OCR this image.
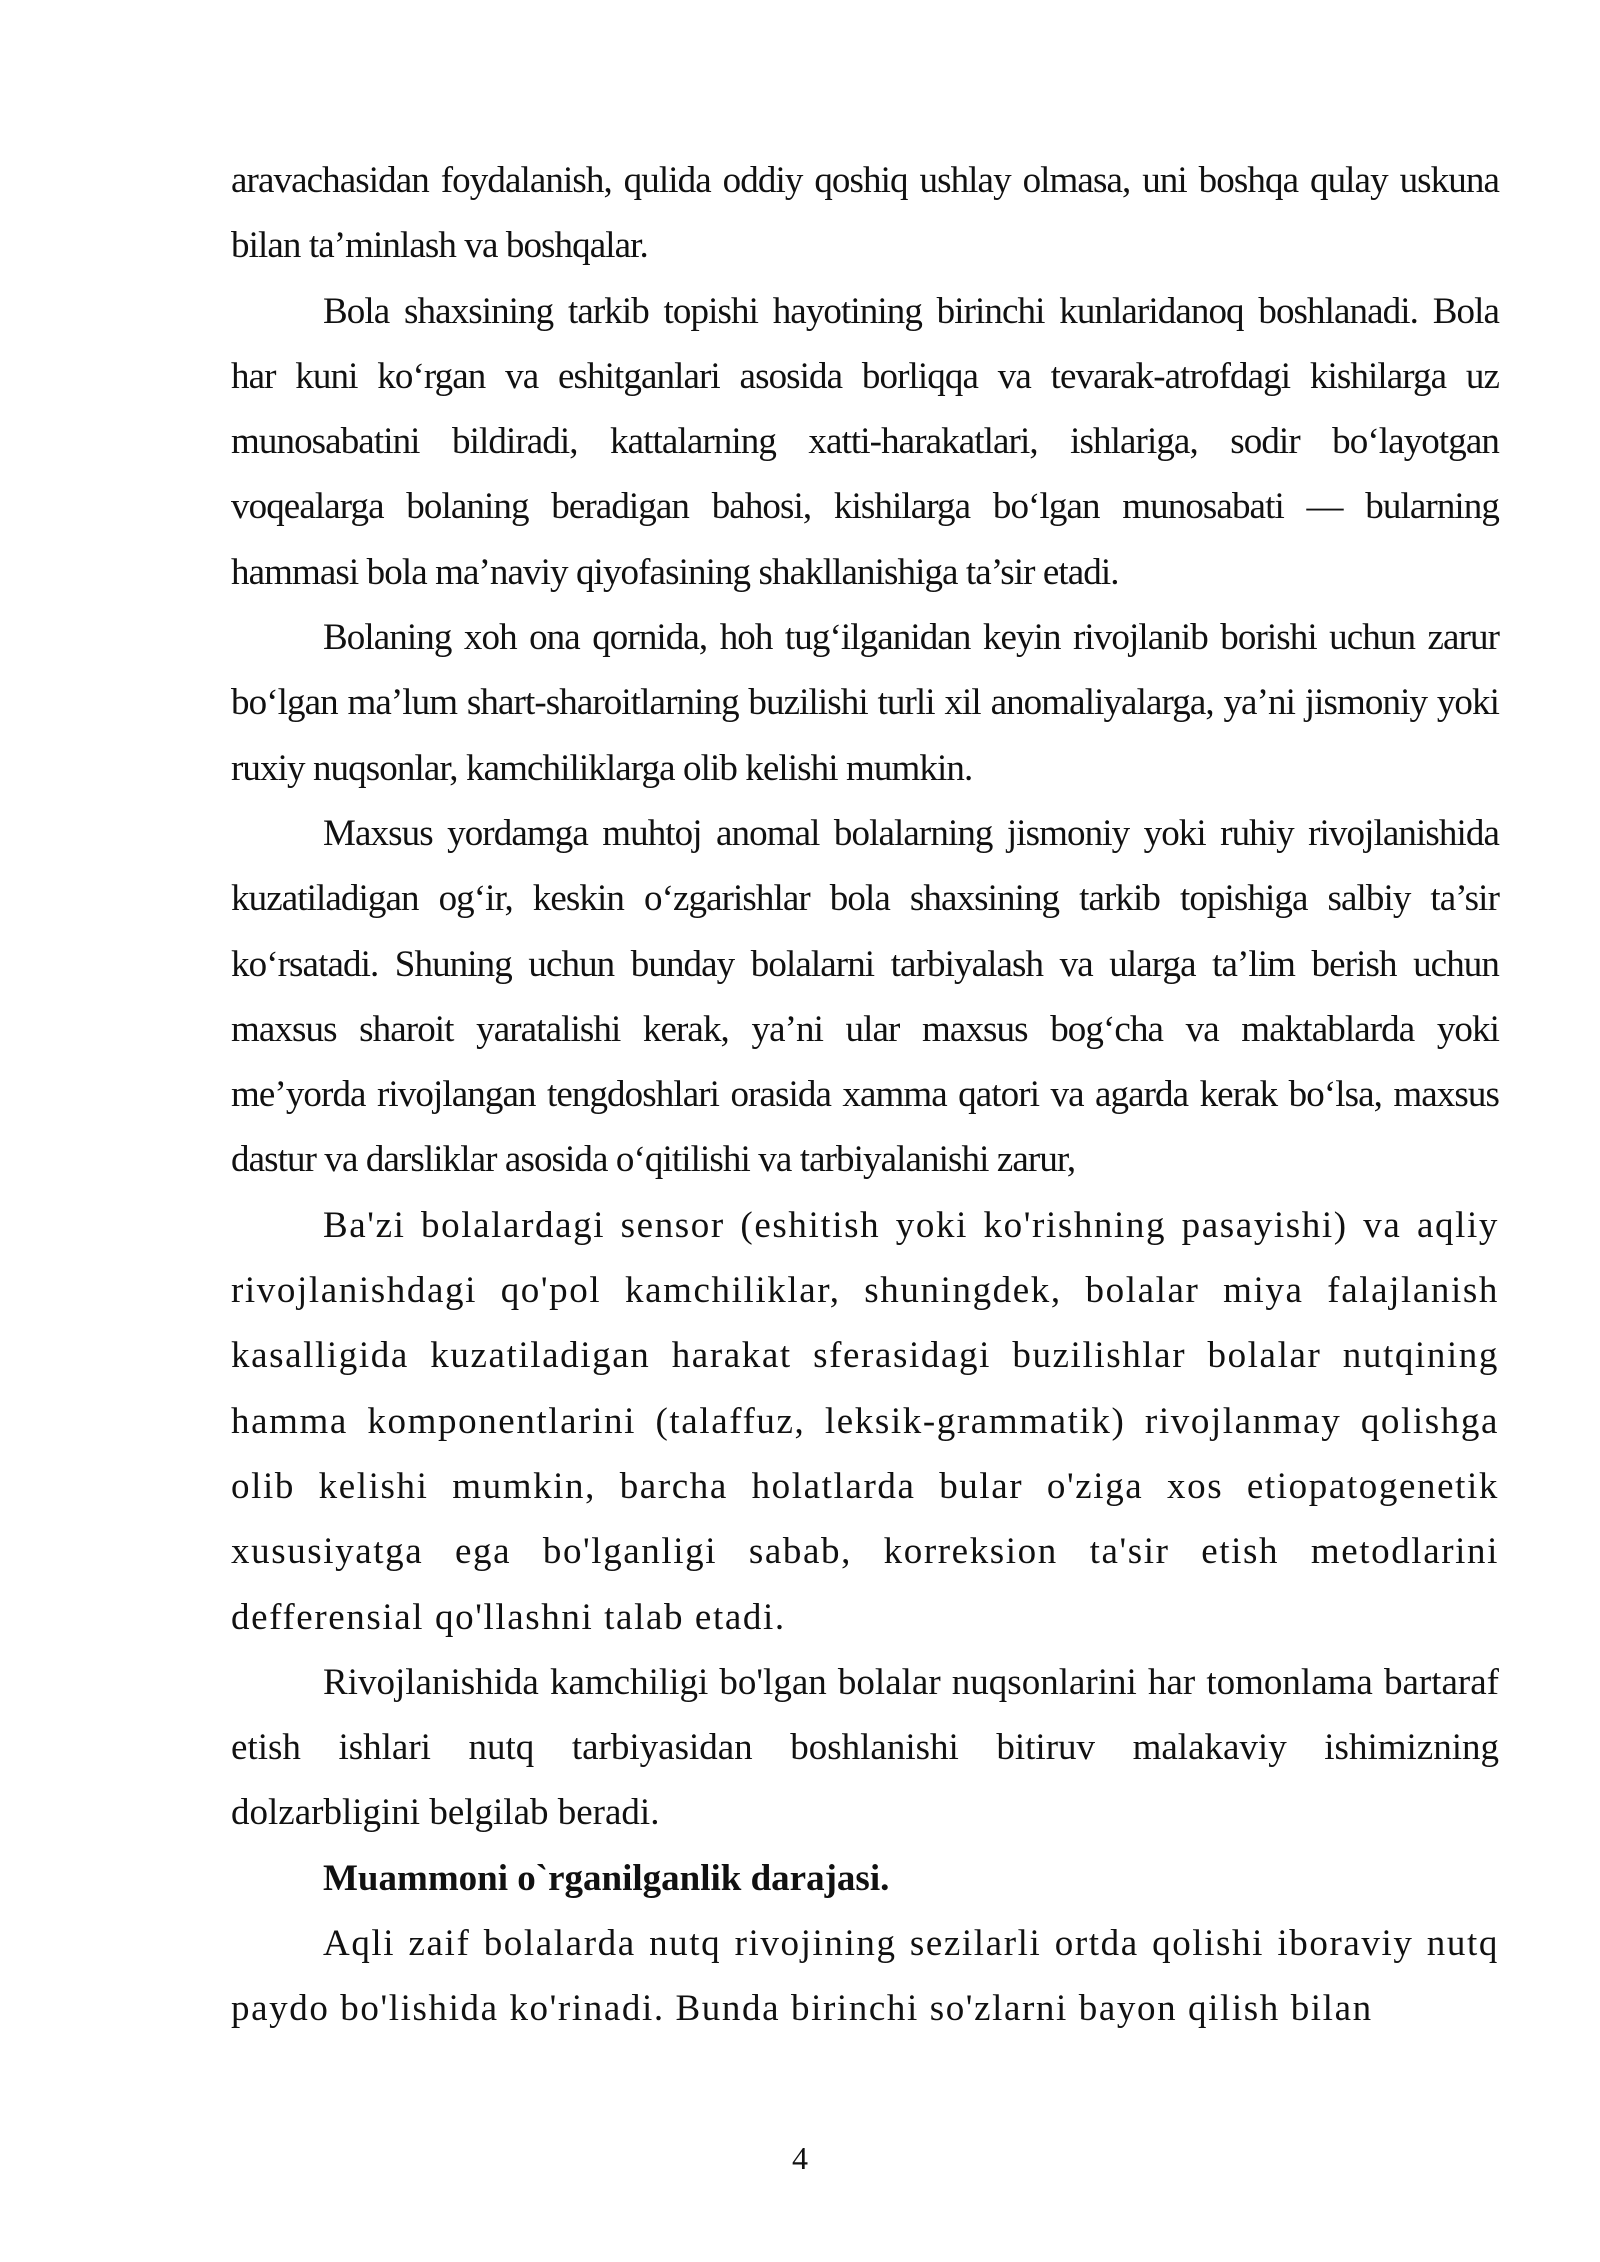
aravachasidan foydalanish, qulida oddiy qoshiq ushlay olmasa, uni boshqa qulay uskuna bilan ta’minlash va boshqalar.

Bola shaxsining tarkib topishi hayotining birinchi kunlaridanoq boshlanadi. Bola har kuni ko‘rgan va eshitganlari asosida borliqqa va tevarak-atrofdagi kishilarga uz munosabatini bildiradi, kattalarning xatti-harakatlari, ishlariga, sodir bo‘layotgan voqealarga bolaning beradigan bahosi, kishilarga bo‘lgan munosabati — bularning hammasi bola ma’naviy qiyofasining shakllanishiga ta’sir etadi.

Bolaning xoh ona qornida, hoh tug‘ilganidan keyin rivojlanib borishi uchun zarur bo‘lgan ma’lum shart-sharoitlarning buzilishi turli xil anomaliyalarga, ya’ni jismoniy yoki ruxiy nuqsonlar, kamchiliklarga olib kelishi mumkin.

Maxsus yordamga muhtoj anomal bolalarning jismoniy yoki ruhiy rivojlanishida kuzatiladigan og‘ir, keskin o‘zgarishlar bola shaxsining tarkib topishiga salbiy ta’sir ko‘rsatadi. Shuning uchun bunday bolalarni tarbiyalash va ularga ta’lim berish uchun maxsus sharoit yaratalishi kerak, ya’ni ular maxsus bog‘cha va maktablarda yoki me’yorda rivojlangan tengdoshlari orasida xamma qatori va agarda kerak bo‘lsa, maxsus dastur va darsliklar asosida o‘qitilishi va tarbiyalanishi zarur,

Ba'zi bolalardagi sensor (eshitish yoki ko'rishning pasayishi) va aqliy rivojlanishdagi qo'pol kamchiliklar, shuningdek, bolalar miya falajlanish kasalligida kuzatiladigan harakat sferasidagi buzilishlar bolalar nutqining hamma komponentlarini (talaffuz, leksik-grammatik) rivojlanmay qolishga olib kelishi mumkin, barcha holatlarda bular o'ziga xos etiopatogenetik xususiyatga ega bo'lganligi sabab, korreksion ta'sir etish metodlarini defferensial qo'llashni talab etadi.

Rivojlanishida kamchiligi bo'lgan bolalar nuqsonlarini har tomonlama bartaraf etish ishlari nutq tarbiyasidan boshlanishi bitiruv malakaviy ishimizning dolzarbligini belgilab beradi.

Muammoni o`rganilganlik darajasi.

Aqli zaif bolalarda nutq rivojining sezilarli ortda qolishi iboraviy nutq paydo bo'lishida ko'rinadi. Bunda birinchi so'zlarni bayon qilish bilan

4
